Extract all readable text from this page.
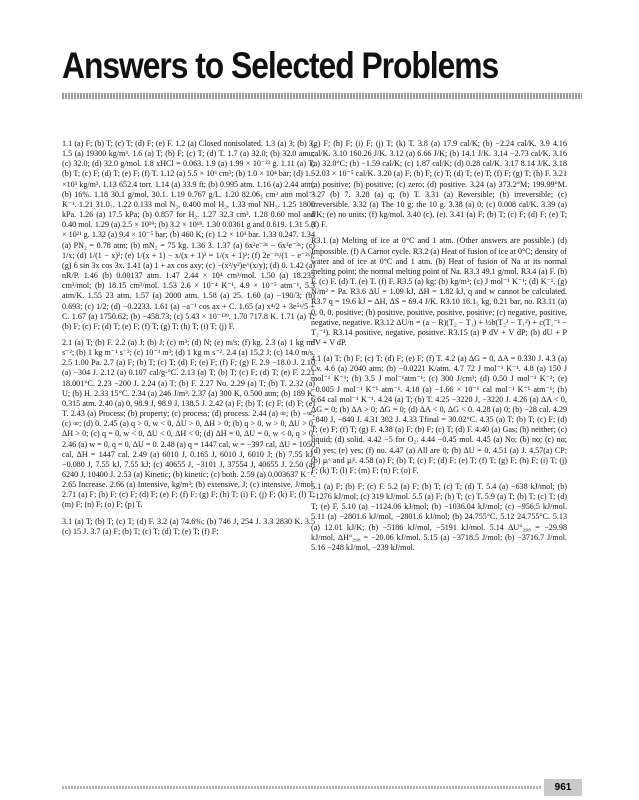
Answers to Selected Problems

1.1 (a) F; (b) T; (c) T; (d) F; (e) F. 1.2 (a) Closed nonisolated. 1.3 (a) 3; (b) 3. 1.5 (a) 19300 kg/m³. 1.6 (a) T; (b) F; (c) T; (d) T. 1.7 (a) 32.0; (b) 32.0 amu; (c) 32.0; (d) 32.0 g/mol. 1.8 xHCl = 0.063. 1.9 (a) 1.99 × 10⁻²³ g. 1.11 (a) T; (b) T; (c) F; (d) T; (e) F; (f) T. 1.12 (a) 5.5 × 10⁶ cm³; (b) 1.0 × 10⁴ bar; (d) 1.5 ×10³ kg/m³. 1.13 652.4 torr. 1.14 (a) 33.9 ft; (b) 0.995 atm. 1.16 (a) 2.44 atm; (b) 16%. 1.18 30.1 g/mol, 30.1. 1.19 0.767 g/L. 1.20 82.06₅ cm³ atm mol⁻¹ K⁻¹. 1.21 31.0₇. 1.22 0.133 mol N₂, 0.400 mol H₂, 1.33 mol NH₃. 1.25 1800 kPa. 1.26 (a) 17.5 kPa; (b) 0.857 for H₂. 1.27 32.3 cm³. 1.28 0.60 mol and 0.40 mol. 1.29 (a) 2.5 × 10¹⁹; (b) 3.2 × 10¹⁸. 1.30 0.0361 g and 0.619. 1.31 5.3 × 10²¹ g. 1.32 (a) 9.4 × 10⁻⁵ bar; (b) 460 K; (c) 1.2 × 10³ bar. 1.33 0.247. 1.34 (a) PN₂ = 0.78 atm; (b) mN₂ = 75 kg. 1.36 3. 1.37 (a) 6x²e⁻³ˣ − 6x³e⁻³ˣ; (c) 1/x; (d) 1/(1 − x)²; (e) 1/(x + 1) − x/(x + 1)² = 1/(x + 1)²; (f) 2e⁻²ˣ/(1 − e⁻²ˣ); (g) 6 sin 3x cos 3x. 1.41 (a) 1 + ax cos axy; (c) −(x²/y²)e^(x/y); (d) 0. 1.42 (a) nR/P. 1.46 (b) 0.00137 atm. 1.47 2.44 × 10⁴ cm³/mol. 1.50 (a) 18.233 cm³/mol; (b) 18.15 cm³/mol. 1.53 2.6 × 10⁻⁴ K⁻¹, 4.9 × 10⁻⁵ atm⁻¹, 5.3 atm/K. 1.55 23 atm. 1.57 (a) 2000 atm. 1.58 (a) 25. 1.60 (a) −190/3; (b) 0.693; (c) 1/2; (d) −0.2233. 1.61 (a) −a⁻¹ cos ax + C. 1.65 (a) x⁴/2 + 3e⁵ˣ/5 + C. 1.67 (a) 1750.62; (b) −458.73; (c) 5.43 × 10⁻¹³⁹. 1.70 717.8 K. 1.71 (a) T; (b) F; (c) F; (d) T; (e) F; (f) T; (g) T; (h) T; (i) T; (j) F.

2.1 (a) T; (b) F. 2.2 (a) J; (b) J; (c) m³; (d) N; (e) m/s; (f) kg. 2.3 (a) 1 kg m² s⁻²; (b) 1 kg m⁻¹ s⁻²; (c) 10⁻³ m³; (d) 1 kg m s⁻². 2.4 (a) 15.2 J; (c) 14.0 m/s. 2.5 1.00 Pa. 2.7 (a) F; (b) T; (c) T; (d) F; (e) F; (f) F; (g) F. 2.9 −18.0 J. 2.10 (a) −304 J. 2.12 (a) 0.107 cal/g-°C. 2.13 (a) T; (b) T; (c) F; (d) T; (e) F. 2.21 18.001°C. 2.23 −200 J. 2.24 (a) T; (b) F. 2.27 No. 2.29 (a) T; (b) T. 2.32 (a) U; (b) H. 2.33 15°C. 2.34 (a) 246 J/m³. 2.37 (a) 300 K, 0.500 atm; (b) 189 K, 0.315 atm. 2.40 (a) 0, 98.9 J, 98.9 J, 138.5 J. 2.42 (a) F; (b) T; (c) F; (d) F; (e) T. 2.43 (a) Process; (b) property; (c) process; (d) process. 2.44 (a) ∞; (b) −∞; (c) ∞; (d) 0. 2.45 (a) q > 0, w < 0, ΔU > 0, ΔH > 0; (b) q > 0, w > 0, ΔU > 0, ΔH > 0; (c) q = 0, w < 0, ΔU < 0, ΔH < 0; (d) ΔH = 0, ΔU = 0, w < 0, q > 0. 2.46 (a) w = 0, q = 0, ΔU = 0. 2.48 (a) q = 1447 cal, w = −397 cal, ΔU = 1050 cal, ΔH = 1447 cal. 2.49 (a) 6010 J, 0.165 J, 6010 J, 6010 J; (b) 7.55 kJ, −0.080 J, 7.55 kJ, 7.55 kJ; (c) 40655 J, −3101 J, 37554 J, 40655 J. 2.50 (a) 6240 J, 10400 J. 2.53 (a) Kinetic; (b) kinetic; (c) both. 2.59 (a) 0.003637 K⁻¹. 2.65 Increase. 2.66 (a) Intensive, kg/m³; (b) extensive, J; (c) intensive, J/mol. 2.71 (a) F; (b) F; (c) F; (d) F; (e) F; (f) F; (g) F; (h) T; (i) F; (j) F; (k) F; (l) T; (m) F; (n) F; (o) F; (p) T.

3.1 (a) T; (b) T; (c) T; (d) F. 3.2 (a) 74.6%; (b) 746 J, 254 J. 3.3 2830 K. 3.5 (c) 15 J. 3.7 (a) F; (b) T; (c) T; (d) T; (e) T; (f) F;

(g) F; (h) F; (i) F; (j) T; (k) T. 3.8 (a) 17.9 cal/K; (b) −2.24 cal/K. 3.9 4.16 cal/K. 3.10 160.26 J/K. 3.12 (a) 6.66 J/K; (b) 14.1 J/K. 3.14 −2.73 cal/K. 3.16 (a) 32.0°C; (b) −1.59 cal/K; (c) 1.87 cal/K; (d) 0.28 cal/K. 3.17 8.14 J/K. 3.18 −2.03 × 10⁻⁵ cal/K. 3.20 (a) F; (b) F; (c) T; (d) T; (e) T; (f) F; (g) T; (h) F. 3.21 (a) positive; (b) positive; (c) zero; (d) positive. 3.24 (a) 373.2°M; 199.99°M. 3.27 (b) 7. 3.28 (a) q; (b) T. 3.31 (a) Reversible; (b) irreversible; (c) irreversible. 3.32 (a) The 10 g; the 10 g. 3.38 (a) 0; (c) 0.008 cal/K. 3.39 (a) J/K; (e) no units; (f) kg/mol. 3.40 (c), (e). 3.41 (a) F; (b) T; (c) F; (d) F; (e) T; (f) F.

R3.1 (a) Melting of ice at 0°C and 1 atm. (Other answers are possible.) (d) Impossible. (f) A Carnot cycle. R3.2 (a) Heat of fusion of ice at 0°C; density of water and of ice at 0°C and 1 atm. (b) Heat of fusion of Na at its normal melting point; the normal melting point of Na. R3.3 49.1 g/mol. R3.4 (a) F. (b) F. (c) F. (d) T. (e) T. (f) F. R3.5 (a) kg; (b) kg/m³; (c) J mol⁻¹ K⁻¹; (d) K⁻¹. (g) N/m² = Pa. R3.6 ΔU = 1.09 kJ, ΔH = 1.82 kJ, q and w cannot be calculated. R3.7 q = 19.6 kJ = ΔH, ΔS = 69.4 J/K. R3.10 16.1₅ kg, 0.21 bar, no. R3.11 (a) 0, 0, 0, positive; (b) positive, positive, positive, positive; (c) negative, positive, negative, negative. R3.12 ΔU/n = (a − R)(T₂ − T₁) + ½b(T₂² − T₁²) + c(T₁⁻¹ − T₂⁻¹). R3.14 positive, negative, positive. R3.15 (a) P dV + V dP; (b) dU + P dV + V dP.

4.1 (a) T; (b) F; (c) T; (d) F; (e) F; (f) T. 4.2 (a) ΔG = 0, ΔA = 0.330 J. 4.3 (a) Cv. 4.6 (a) 2040 atm; (b) −0.0221 K/atm. 4.7 72 J mol⁻¹ K⁻¹. 4.8 (a) 150 J mol⁻¹ K⁻¹; (b) 3.5 J mol⁻¹atm⁻¹; (c) 300 J/cm³; (d) 0.50 J mol⁻¹ K⁻²; (e) −0.005 J mol⁻¹ K⁻¹ atm⁻¹. 4.18 (a) −1.66 × 10⁻⁶ cal mol⁻¹ K⁻¹ atm⁻¹; (b) 6.64 cal mol⁻¹ K⁻¹. 4.24 (a) T; (b) T. 4.25 −3220 J, −3220 J. 4.26 (a) ΔA < 0, ΔG = 0; (b) ΔA > 0; ΔG = 0; (d) ΔA < 0, ΔG < 0. 4.28 (a) 0; (b) −28 cal. 4.29 −840 J, −840 J. 4.31 302 J. 4.33 Tfinal = 30.02°C. 4.35 (a) T; (b) T; (c) F; (d) T; (e) F; (f) T; (g) F. 4.38 (a) F; (b) F; (c) T; (d) F. 4.40 (a) Gas; (b) neither; (c) liquid; (d) solid. 4.42 −5 for O₂. 4.44 −0.45 mol. 4.45 (a) No; (b) no; (c) no; (d) yes; (e) yes; (f) no. 4.47 (a) All are 0; (b) ΔU = 0. 4.51 (a) J. 4.57(a) CP; (b) μᵢᶜ and μᵢᵝ. 4.58 (a) F; (b) T; (c) F; (d) F; (e) T; (f) T; (g) F; (h) F; (i) T; (j) F; (k) T; (l) F; (m) F; (n) F; (o) F.

5.1 (a) F; (b) F; (c) F. 5.2 (a) F; (b) T; (c) T; (d) T. 5.4 (a) −638 kJ/mol; (b) −1276 kJ/mol; (c) 319 kJ/mol. 5.5 (a) F; (b) T; (c) T. 5.9 (a) T; (b) T; (c) T; (d) T; (e) F. 5.10 (a) −1124.06 kJ/mol; (b) −1036.04 kJ/mol; (c) −956.5 kJ/mol. 5.11 (a) −2801.6 kJ/mol, −2801.6 kJ/mol; (b) 24.755°C. 5.12 24.755°C. 5.13 (a) 12.01 kJ/K; (b) −5186 kJ/mol, −5191 kJ/mol. 5.14 ΔU°₂₉₈ = −29.98 kJ/mol, ΔH°₂₉₈ = −20.06 kJ/mol. 5.15 (a) −3718.5 J/mol; (b) −3716.7 J/mol. 5.16 −248 kJ/mol, −239 kJ/mol.

961
